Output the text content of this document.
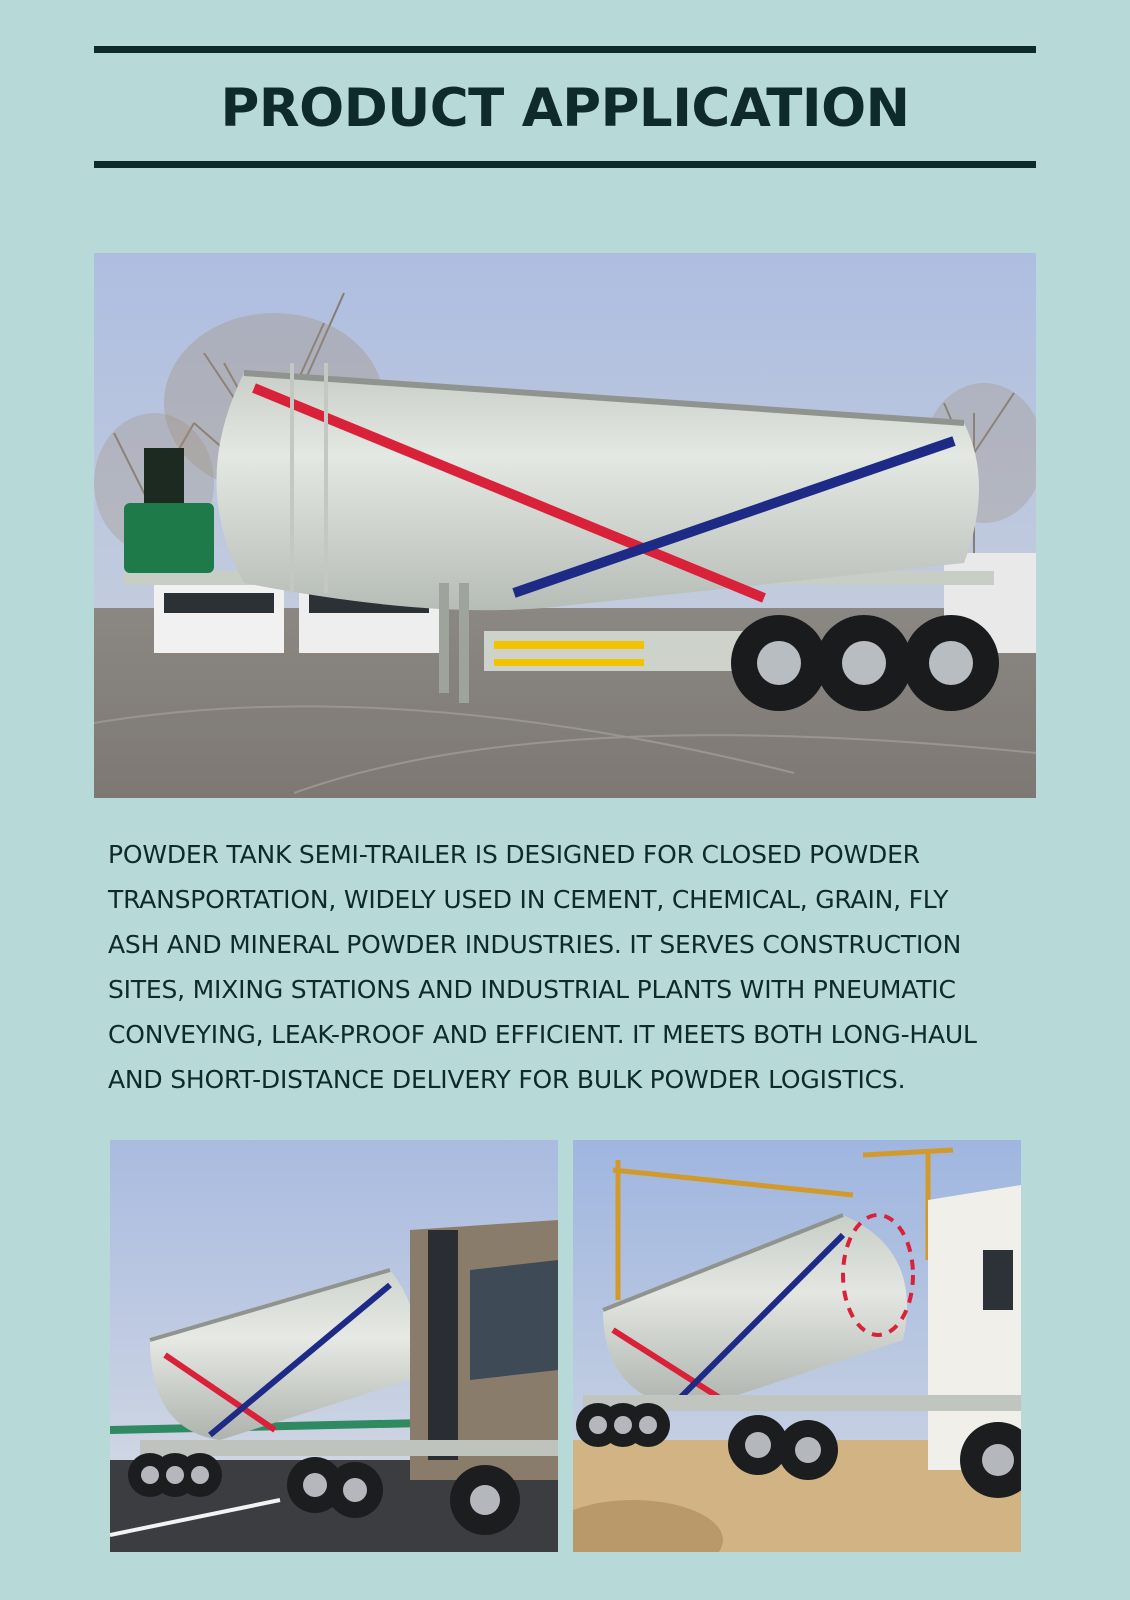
PRODUCT APPLICATION

POWDER TANK SEMI-TRAILER IS DESIGNED FOR CLOSED POWDER
TRANSPORTATION, WIDELY USED IN CEMENT, CHEMICAL, GRAIN, FLY
ASH AND MINERAL POWDER INDUSTRIES. IT SERVES CONSTRUCTION
SITES, MIXING STATIONS AND INDUSTRIAL PLANTS WITH PNEUMATIC
CONVEYING, LEAK-PROOF AND EFFICIENT. IT MEETS BOTH LONG-HAUL
AND SHORT-DISTANCE DELIVERY FOR BULK POWDER LOGISTICS.
